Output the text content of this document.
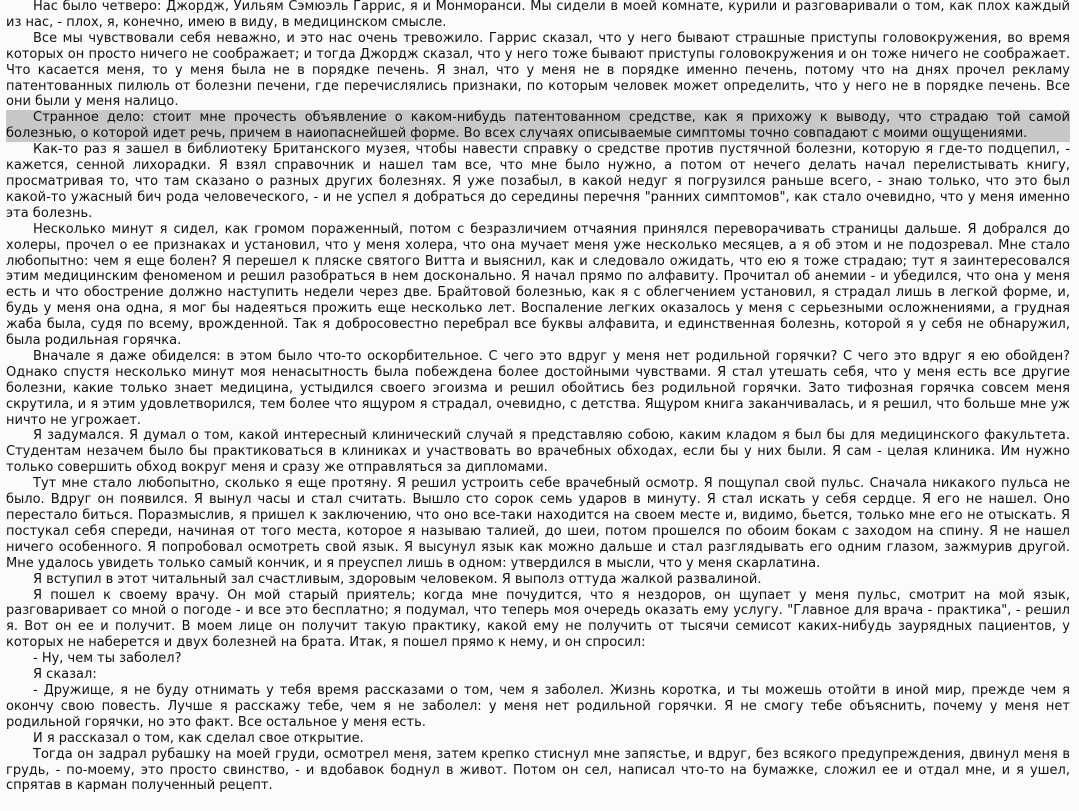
Нас было четверо: Джордж, Уильям Сэмюэль Гаррис, я и Монморанси. Мы сидели в моей комнате, курили и разговаривали о том, как плох каждый из нас, - плох, я, конечно, имею в виду, в медицинском смысле.

Все мы чувствовали себя неважно, и это нас очень тревожило. Гаррис сказал, что у него бывают страшные приступы головокружения, во время которых он просто ничего не соображает; и тогда Джордж сказал, что у него тоже бывают приступы головокружения и он тоже ничего не соображает. Что касается меня, то у меня была не в порядке печень. Я знал, что у меня не в порядке именно печень, потому что на днях прочел рекламу патентованных пилюль от болезни печени, где перечислялись признаки, по которым человек может определить, что у него не в порядке печень. Все они были у меня налицо.

Странное дело: стоит мне прочесть объявление о каком-нибудь патентованном средстве, как я прихожу к выводу, что страдаю той самой болезнью, о которой идет речь, причем в наиопаснейшей форме. Во всех случаях описываемые симптомы точно совпадают с моими ощущениями.

Как-то раз я зашел в библиотеку Британского музея, чтобы навести справку о средстве против пустячной болезни, которую я где-то подцепил, - кажется, сенной лихорадки. Я взял справочник и нашел там все, что мне было нужно, а потом от нечего делать начал перелистывать книгу, просматривая то, что там сказано о разных других болезнях. Я уже позабыл, в какой недуг я погрузился раньше всего, - знаю только, что это был какой-то ужасный бич рода человеческого, - и не успел я добраться до середины перечня "ранних симптомов", как стало очевидно, что у меня именно эта болезнь.

Несколько минут я сидел, как громом пораженный, потом с безразличием отчаяния принялся переворачивать страницы дальше. Я добрался до холеры, прочел о ее признаках и установил, что у меня холера, что она мучает меня уже несколько месяцев, а я об этом и не подозревал. Мне стало любопытно: чем я еще болен? Я перешел к пляске святого Витта и выяснил, как и следовало ожидать, что ею я тоже страдаю; тут я заинтересовался этим медицинским феноменом и решил разобраться в нем досконально. Я начал прямо по алфавиту. Прочитал об анемии - и убедился, что она у меня есть и что обострение должно наступить недели через две. Брайтовой болезнью, как я с облегчением установил, я страдал лишь в легкой форме, и, будь у меня она одна, я мог бы надеяться прожить еще несколько лет. Воспаление легких оказалось у меня с серьезными осложнениями, а грудная жаба была, судя по всему, врожденной. Так я добросовестно перебрал все буквы алфавита, и единственная болезнь, которой я у себя не обнаружил, была родильная горячка.

Вначале я даже обиделся: в этом было что-то оскорбительное. С чего это вдруг у меня нет родильной горячки? С чего это вдруг я ею обойден? Однако спустя несколько минут моя ненасытность была побеждена более достойными чувствами. Я стал утешать себя, что у меня есть все другие болезни, какие только знает медицина, устыдился своего эгоизма и решил обойтись без родильной горячки. Зато тифозная горячка совсем меня скрутила, и я этим удовлетворился, тем более что ящуром я страдал, очевидно, с детства. Ящуром книга заканчивалась, и я решил, что больше мне уж ничто не угрожает.

Я задумался. Я думал о том, какой интересный клинический случай я представляю собою, каким кладом я был бы для медицинского факультета. Студентам незачем было бы практиковаться в клиниках и участвовать во врачебных обходах, если бы у них были. Я сам - целая клиника. Им нужно только совершить обход вокруг меня и сразу же отправляться за дипломами.

Тут мне стало любопытно, сколько я еще протяну. Я решил устроить себе врачебный осмотр. Я пощупал свой пульс. Сначала никакого пульса не было. Вдруг он появился. Я вынул часы и стал считать. Вышло сто сорок семь ударов в минуту. Я стал искать у себя сердце. Я его не нашел. Оно перестало биться. Поразмыслив, я пришел к заключению, что оно все-таки находится на своем месте и, видимо, бьется, только мне его не отыскать. Я постукал себя спереди, начиная от того места, которое я называю талией, до шеи, потом прошелся по обоим бокам с заходом на спину. Я не нашел ничего особенного. Я попробовал осмотреть свой язык. Я высунул язык как можно дальше и стал разглядывать его одним глазом, зажмурив другой. Мне удалось увидеть только самый кончик, и я преуспел лишь в одном: утвердился в мысли, что у меня скарлатина.

Я вступил в этот читальный зал счастливым, здоровым человеком. Я выполз оттуда жалкой развалиной.

Я пошел к своему врачу. Он мой старый приятель; когда мне почудится, что я нездоров, он щупает у меня пульс, смотрит на мой язык, разговаривает со мной о погоде - и все это бесплатно; я подумал, что теперь моя очередь оказать ему услугу. "Главное для врача - практика", - решил я. Вот он ее и получит. В моем лице он получит такую практику, какой ему не получить от тысячи семисот каких-нибудь заурядных пациентов, у которых не наберется и двух болезней на брата. Итак, я пошел прямо к нему, и он спросил:

- Ну, чем ты заболел?

Я сказал:

- Дружище, я не буду отнимать у тебя время рассказами о том, чем я заболел. Жизнь коротка, и ты можешь отойти в иной мир, прежде чем я окончу свою повесть. Лучше я расскажу тебе, чем я не заболел: у меня нет родильной горячки. Я не смогу тебе объяснить, почему у меня нет родильной горячки, но это факт. Все остальное у меня есть.

И я рассказал о том, как сделал свое открытие.

Тогда он задрал рубашку на моей груди, осмотрел меня, затем крепко стиснул мне запястье, и вдруг, без всякого предупреждения, двинул меня в грудь, - по-моему, это просто свинство, - и вдобавок боднул в живот. Потом он сел, написал что-то на бумажке, сложил ее и отдал мне, и я ушел, спрятав в карман полученный рецепт.
